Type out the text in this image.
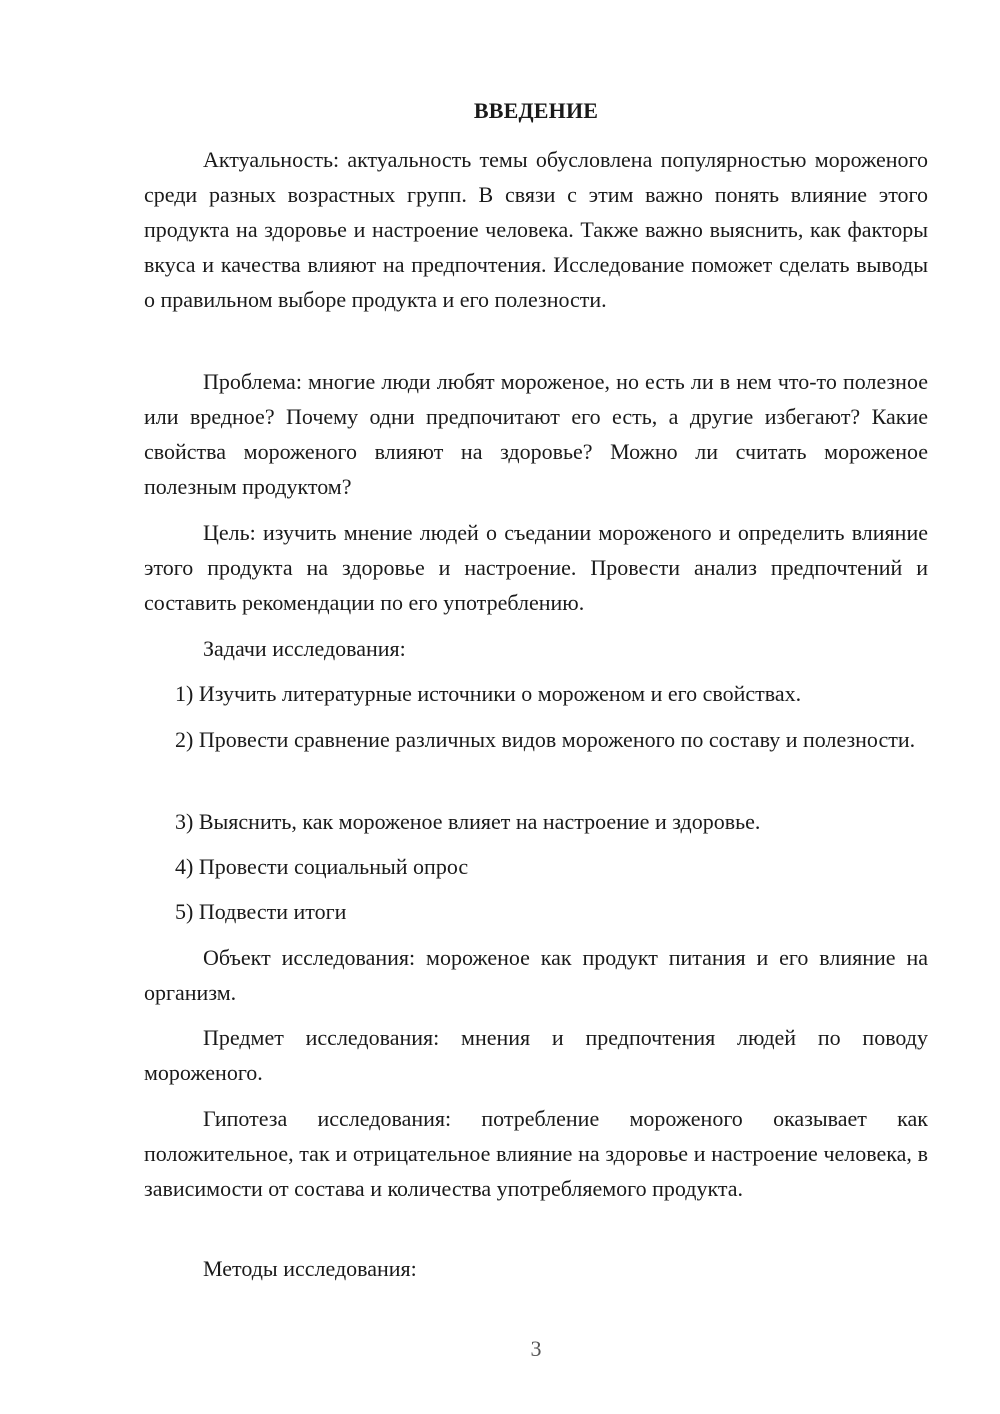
ВВЕДЕНИЕ

Актуальность: актуальность темы обусловлена популярностью мороженого среди разных возрастных групп. В связи с этим важно понять влияние этого продукта на здоровье и настроение человека. Также важно выяснить, как факторы вкуса и качества влияют на предпочтения. Исследование поможет сделать выводы о правильном выборе продукта и его полезности.

Проблема: многие люди любят мороженое, но есть ли в нем что-то полезное или вредное? Почему одни предпочитают его есть, а другие избегают? Какие свойства мороженого влияют на здоровье? Можно ли считать мороженое полезным продуктом?

Цель: изучить мнение людей о съедании мороженого и определить влияние этого продукта на здоровье и настроение. Провести анализ предпочтений и составить рекомендации по его употреблению.

Задачи исследования:

1) Изучить литературные источники о мороженом и его свойствах.

2) Провести сравнение различных видов мороженого по составу и полезности.

3) Выяснить, как мороженое влияет на настроение и здоровье.

4) Провести социальный опрос

5) Подвести итоги

Объект исследования: мороженое как продукт питания и его влияние на организм.

Предмет исследования: мнения и предпочтения людей по поводу мороженого.

Гипотеза исследования: потребление мороженого оказывает как положительное, так и отрицательное влияние на здоровье и настроение человека, в зависимости от состава и количества употребляемого продукта.

Методы исследования:

3
